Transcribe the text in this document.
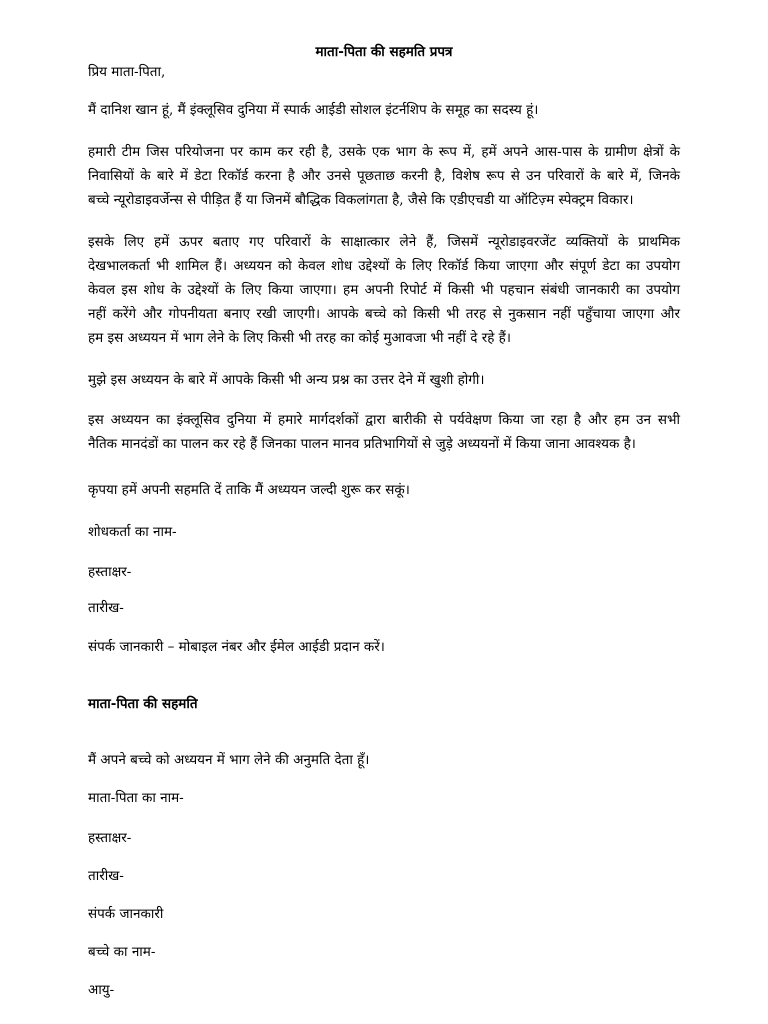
माता-पिता की सहमति प्रपत्र
प्रिय माता-पिता,
मैं दानिश खान हूं, मैं इंक्लूसिव दुनिया में स्पार्क आईडी सोशल इंटर्नशिप के समूह का सदस्य हूं।
हमारी टीम जिस परियोजना पर काम कर रही है, उसके एक भाग के रूप में, हमें अपने आस-पास के ग्रामीण क्षेत्रों के
निवासियों के बारे में डेटा रिकॉर्ड करना है और उनसे पूछताछ करनी है, विशेष रूप से उन परिवारों के बारे में, जिनके
बच्चे न्यूरोडाइवर्जेन्स से पीड़ित हैं या जिनमें बौद्धिक विकलांगता है, जैसे कि एडीएचडी या ऑटिज़्म स्पेक्ट्रम विकार।
इसके लिए हमें ऊपर बताए गए परिवारों के साक्षात्कार लेने हैं, जिसमें न्यूरोडाइवरजेंट व्यक्तियों के प्राथमिक
देखभालकर्ता भी शामिल हैं। अध्ययन को केवल शोध उद्देश्यों के लिए रिकॉर्ड किया जाएगा और संपूर्ण डेटा का उपयोग
केवल इस शोध के उद्देश्यों के लिए किया जाएगा। हम अपनी रिपोर्ट में किसी भी पहचान संबंधी जानकारी का उपयोग
नहीं करेंगे और गोपनीयता बनाए रखी जाएगी। आपके बच्चे को किसी भी तरह से नुकसान नहीं पहुँचाया जाएगा और
हम इस अध्ययन में भाग लेने के लिए किसी भी तरह का कोई मुआवजा भी नहीं दे रहे हैं।
मुझे इस अध्ययन के बारे में आपके किसी भी अन्य प्रश्न का उत्तर देने में खुशी होगी।
इस अध्ययन का इंक्लूसिव दुनिया में हमारे मार्गदर्शकों द्वारा बारीकी से पर्यवेक्षण किया जा रहा है और हम उन सभी
नैतिक मानदंडों का पालन कर रहे हैं जिनका पालन मानव प्रतिभागियों से जुड़े अध्ययनों में किया जाना आवश्यक है।
कृपया हमें अपनी सहमति दें ताकि मैं अध्ययन जल्दी शुरू कर सकूं।
शोधकर्ता का नाम-
हस्ताक्षर-
तारीख-
संपर्क जानकारी – मोबाइल नंबर और ईमेल आईडी प्रदान करें।
माता-पिता की सहमति
मैं अपने बच्चे को अध्ययन में भाग लेने की अनुमति देता हूँ।
माता-पिता का नाम-
हस्ताक्षर-
तारीख-
संपर्क जानकारी
बच्चे का नाम-
आयु-
